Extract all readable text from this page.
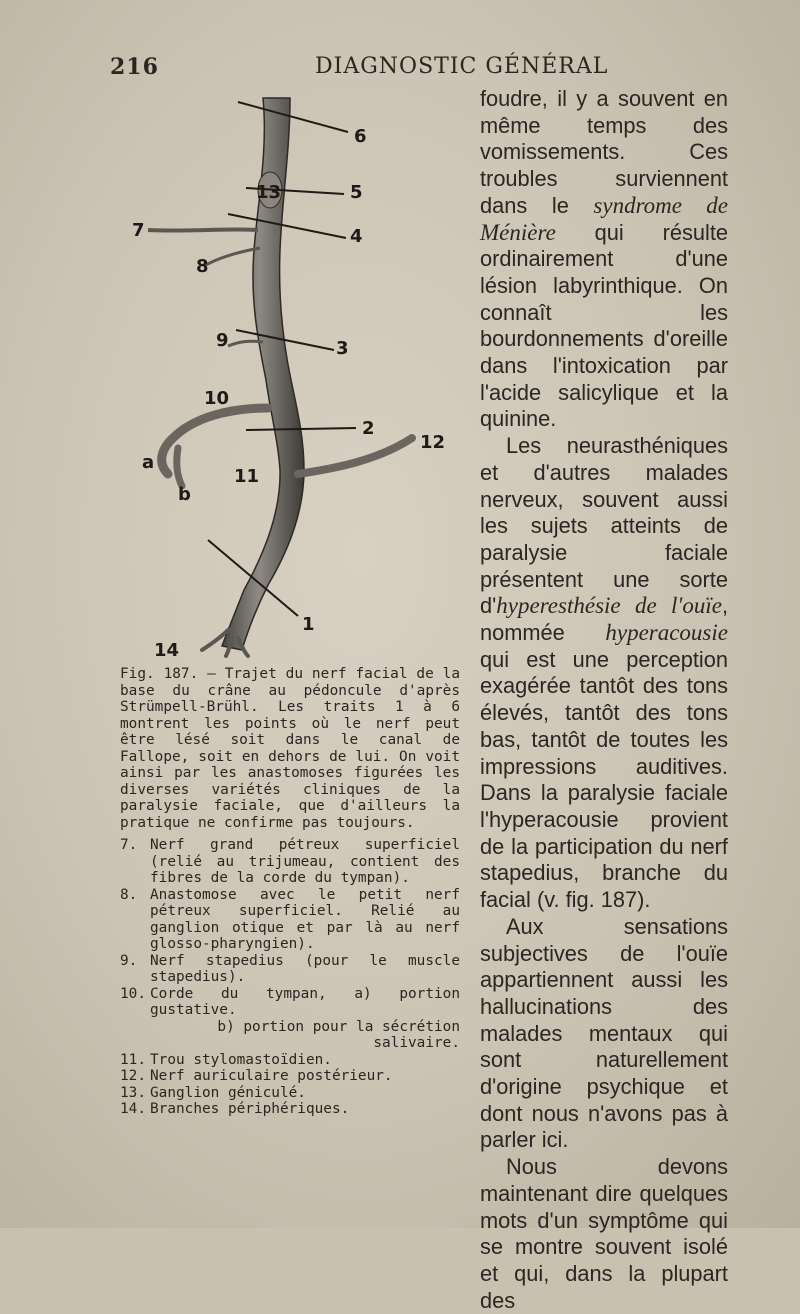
216	DIAGNOSTIC GÉNÉRAL
6
5
13
7	4
8
9	3
10
2
12
a
11
b
1
14

Fig. 187. — Trajet du nerf facial de la base du crâne au pédoncule d'après Strümpell-Brühl. Les traits 1 à 6 montrent les points où le nerf peut être lésé soit dans le canal de Fallope, soit en dehors de lui. On voit ainsi par les anastomoses figurées les diverses variétés cliniques de la paralysie faciale, que d'ailleurs la pratique ne confirme pas toujours.

7. Nerf grand pétreux superficiel (relié au trijumeau, contient des fibres de la corde du tympan).
8. Anastomose avec le petit nerf pétreux superficiel. Relié au ganglion otique et par là au nerf glosso-pharyngien).
9. Nerf stapedius (pour le muscle stapedius).
10. Corde du tympan, a) portion gustative.
b) portion pour la sécrétion salivaire.
11. Trou stylomastoïdien.
12. Nerf auriculaire postérieur.
13. Ganglion géniculé.
14. Branches périphériques.

foudre, il y a souvent en même temps des vomissements. Ces troubles surviennent dans le syndrome de Ménière qui résulte ordinairement d'une lésion labyrinthique. On connaît les bourdonnements d'oreille dans l'intoxication par l'acide salicylique et la quinine.

Les neurasthéniques et d'autres malades nerveux, souvent aussi les sujets atteints de paralysie faciale présentent une sorte d'hyperesthésie de l'ouïe, nommée hyperacousie qui est une perception exagérée tantôt des tons élevés, tantôt des tons bas, tantôt de toutes les impressions auditives. Dans la paralysie faciale l'hyperacousie provient de la participation du nerf stapedius, branche du facial (v. fig. 187).

Aux sensations subjectives de l'ouïe appartiennent aussi les hallucinations des malades mentaux qui sont naturellement d'origine psychique et dont nous n'avons pas à parler ici.

Nous devons maintenant dire quelques mots d'un symptôme qui se montre souvent isolé et qui, dans la plupart des
